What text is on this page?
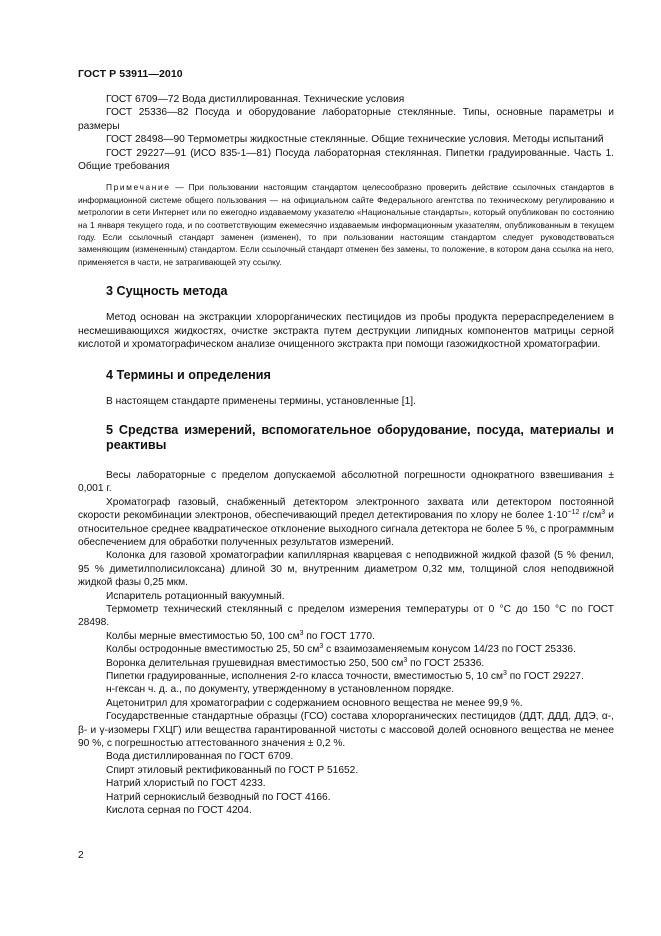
ГОСТ Р 53911—2010

ГОСТ 6709—72 Вода дистиллированная. Технические условия

ГОСТ 25336—82 Посуда и оборудование лабораторные стеклянные. Типы, основные параметры и размеры

ГОСТ 28498—90 Термометры жидкостные стеклянные. Общие технические условия. Методы испытаний

ГОСТ 29227—91 (ИСО 835-1—81) Посуда лабораторная стеклянная. Пипетки градуированные. Часть 1. Общие требования

Примечание — При пользовании настоящим стандартом целесообразно проверить действие ссылочных стандартов в информационной системе общего пользования — на официальном сайте Федерального агентства по техническому регулированию и метрологии в сети Интернет или по ежегодно издаваемому указателю «Национальные стандарты», который опубликован по состоянию на 1 января текущего года, и по соответствующим ежемесячно издаваемым информационным указателям, опубликованным в текущем году. Если ссылочный стандарт заменен (изменен), то при пользовании настоящим стандартом следует руководствоваться заменяющим (измененным) стандартом. Если ссылочный стандарт отменен без замены, то положение, в котором дана ссылка на него, применяется в части, не затрагивающей эту ссылку.

3 Сущность метода

Метод основан на экстракции хлорорганических пестицидов из пробы продукта перераспределением в несмешивающихся жидкостях, очистке экстракта путем деструкции липидных компонентов матрицы серной кислотой и хроматографическом анализе очищенного экстракта при помощи газожидкостной хроматографии.

4 Термины и определения

В настоящем стандарте применены термины, установленные [1].

5 Средства измерений, вспомогательное оборудование, посуда, материалы и реактивы

Весы лабораторные с пределом допускаемой абсолютной погрешности однократного взвешивания ± 0,001 г.

Хроматограф газовый, снабженный детектором электронного захвата или детектором постоянной скорости рекомбинации электронов, обеспечивающий предел детектирования по хлору не более $1\cdot 10^{-12}$ $г/см^3$ и относительное среднее квадратическое отклонение выходного сигнала детектора не более 5 %, с программным обеспечением для обработки полученных результатов измерений.

Колонка для газовой хроматографии капиллярная кварцевая с неподвижной жидкой фазой (5 % фенил, 95 % диметилполисилоксана) длиной 30 м, внутренним диаметром 0,32 мм, толщиной слоя неподвижной жидкой фазы 0,25 мкм.

Испаритель ротационный вакуумный.

Термометр технический стеклянный с пределом измерения температуры от 0 °С до 150 °С по ГОСТ 28498.

Колбы мерные вместимостью 50, 100 $см^3$ по ГОСТ 1770.

Колбы остродонные вместимостью 25, 50 $см^3$ с взаимозаменяемым конусом 14/23 по ГОСТ 25336.

Воронка делительная грушевидная вместимостью 250, 500 $см^3$ по ГОСТ 25336.

Пипетки градуированные, исполнения 2-го класса точности, вместимостью 5, 10 $см^3$ по ГОСТ 29227.

н-гексан ч. д. а., по документу, утвержденному в установленном порядке.

Ацетонитрил для хроматографии с содержанием основного вещества не менее 99,9 %.

Государственные стандартные образцы (ГСО) состава хлорорганических пестицидов (ДДТ, ДДД, ДДЭ, α-, β- и γ-изомеры ГХЦГ) или вещества гарантированной чистоты с массовой долей основного вещества не менее 90 %, с погрешностью аттестованного значения ± 0,2 %.

Вода дистиллированная по ГОСТ 6709.

Спирт этиловый ректификованный по ГОСТ Р 51652.

Натрий хлористый по ГОСТ 4233.

Натрий сернокислый безводный по ГОСТ 4166.

Кислота серная по ГОСТ 4204.

2
